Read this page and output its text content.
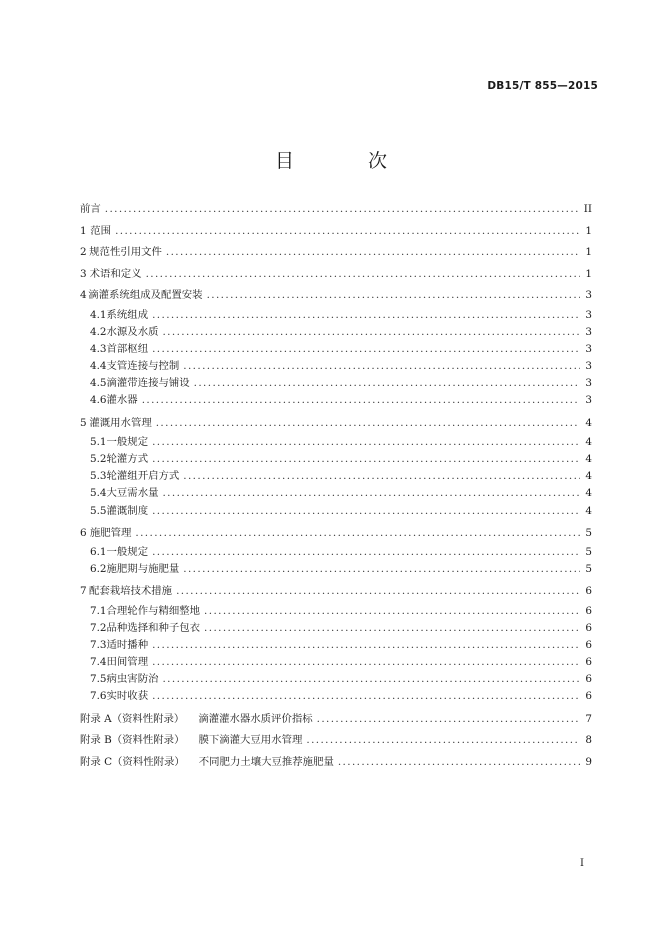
DB15/T 855—2015
目 次
前言 .....	II
1 范围 .....	1
2 规范性引用文件 .....	1
3 术语和定义 .....	1
4 滴灌系统组成及配置安装 .....	3
4.1 系统组成 .....	3
4.2 水源及水质 .....	3
4.3 首部枢纽 .....	3
4.4 支管连接与控制 .....	3
4.5 滴灌带连接与铺设 .....	3
4.6 灌水器 .....	3
5 灌溉用水管理 .....	4
5.1 一般规定 .....	4
5.2 轮灌方式 .....	4
5.3 轮灌组开启方式 .....	4
5.4 大豆需水量 .....	4
5.5 灌溉制度 .....	4
6 施肥管理 .....	5
6.1 一般规定 .....	5
6.2 施肥期与施肥量 .....	5
7 配套栽培技术措施 .....	6
7.1 合理轮作与精细整地 .....	6
7.2 品种选择和种子包衣 .....	6
7.3 适时播种 .....	6
7.4 田间管理 .....	6
7.5 病虫害防治 .....	6
7.6 实时收获 .....	6
附录 A（资料性附录） 滴灌灌水器水质评价指标 .....	7
附录 B（资料性附录） 膜下滴灌大豆用水管理 .....	8
附录 C（资料性附录） 不同肥力土壤大豆推荐施肥量 .....	9
I
